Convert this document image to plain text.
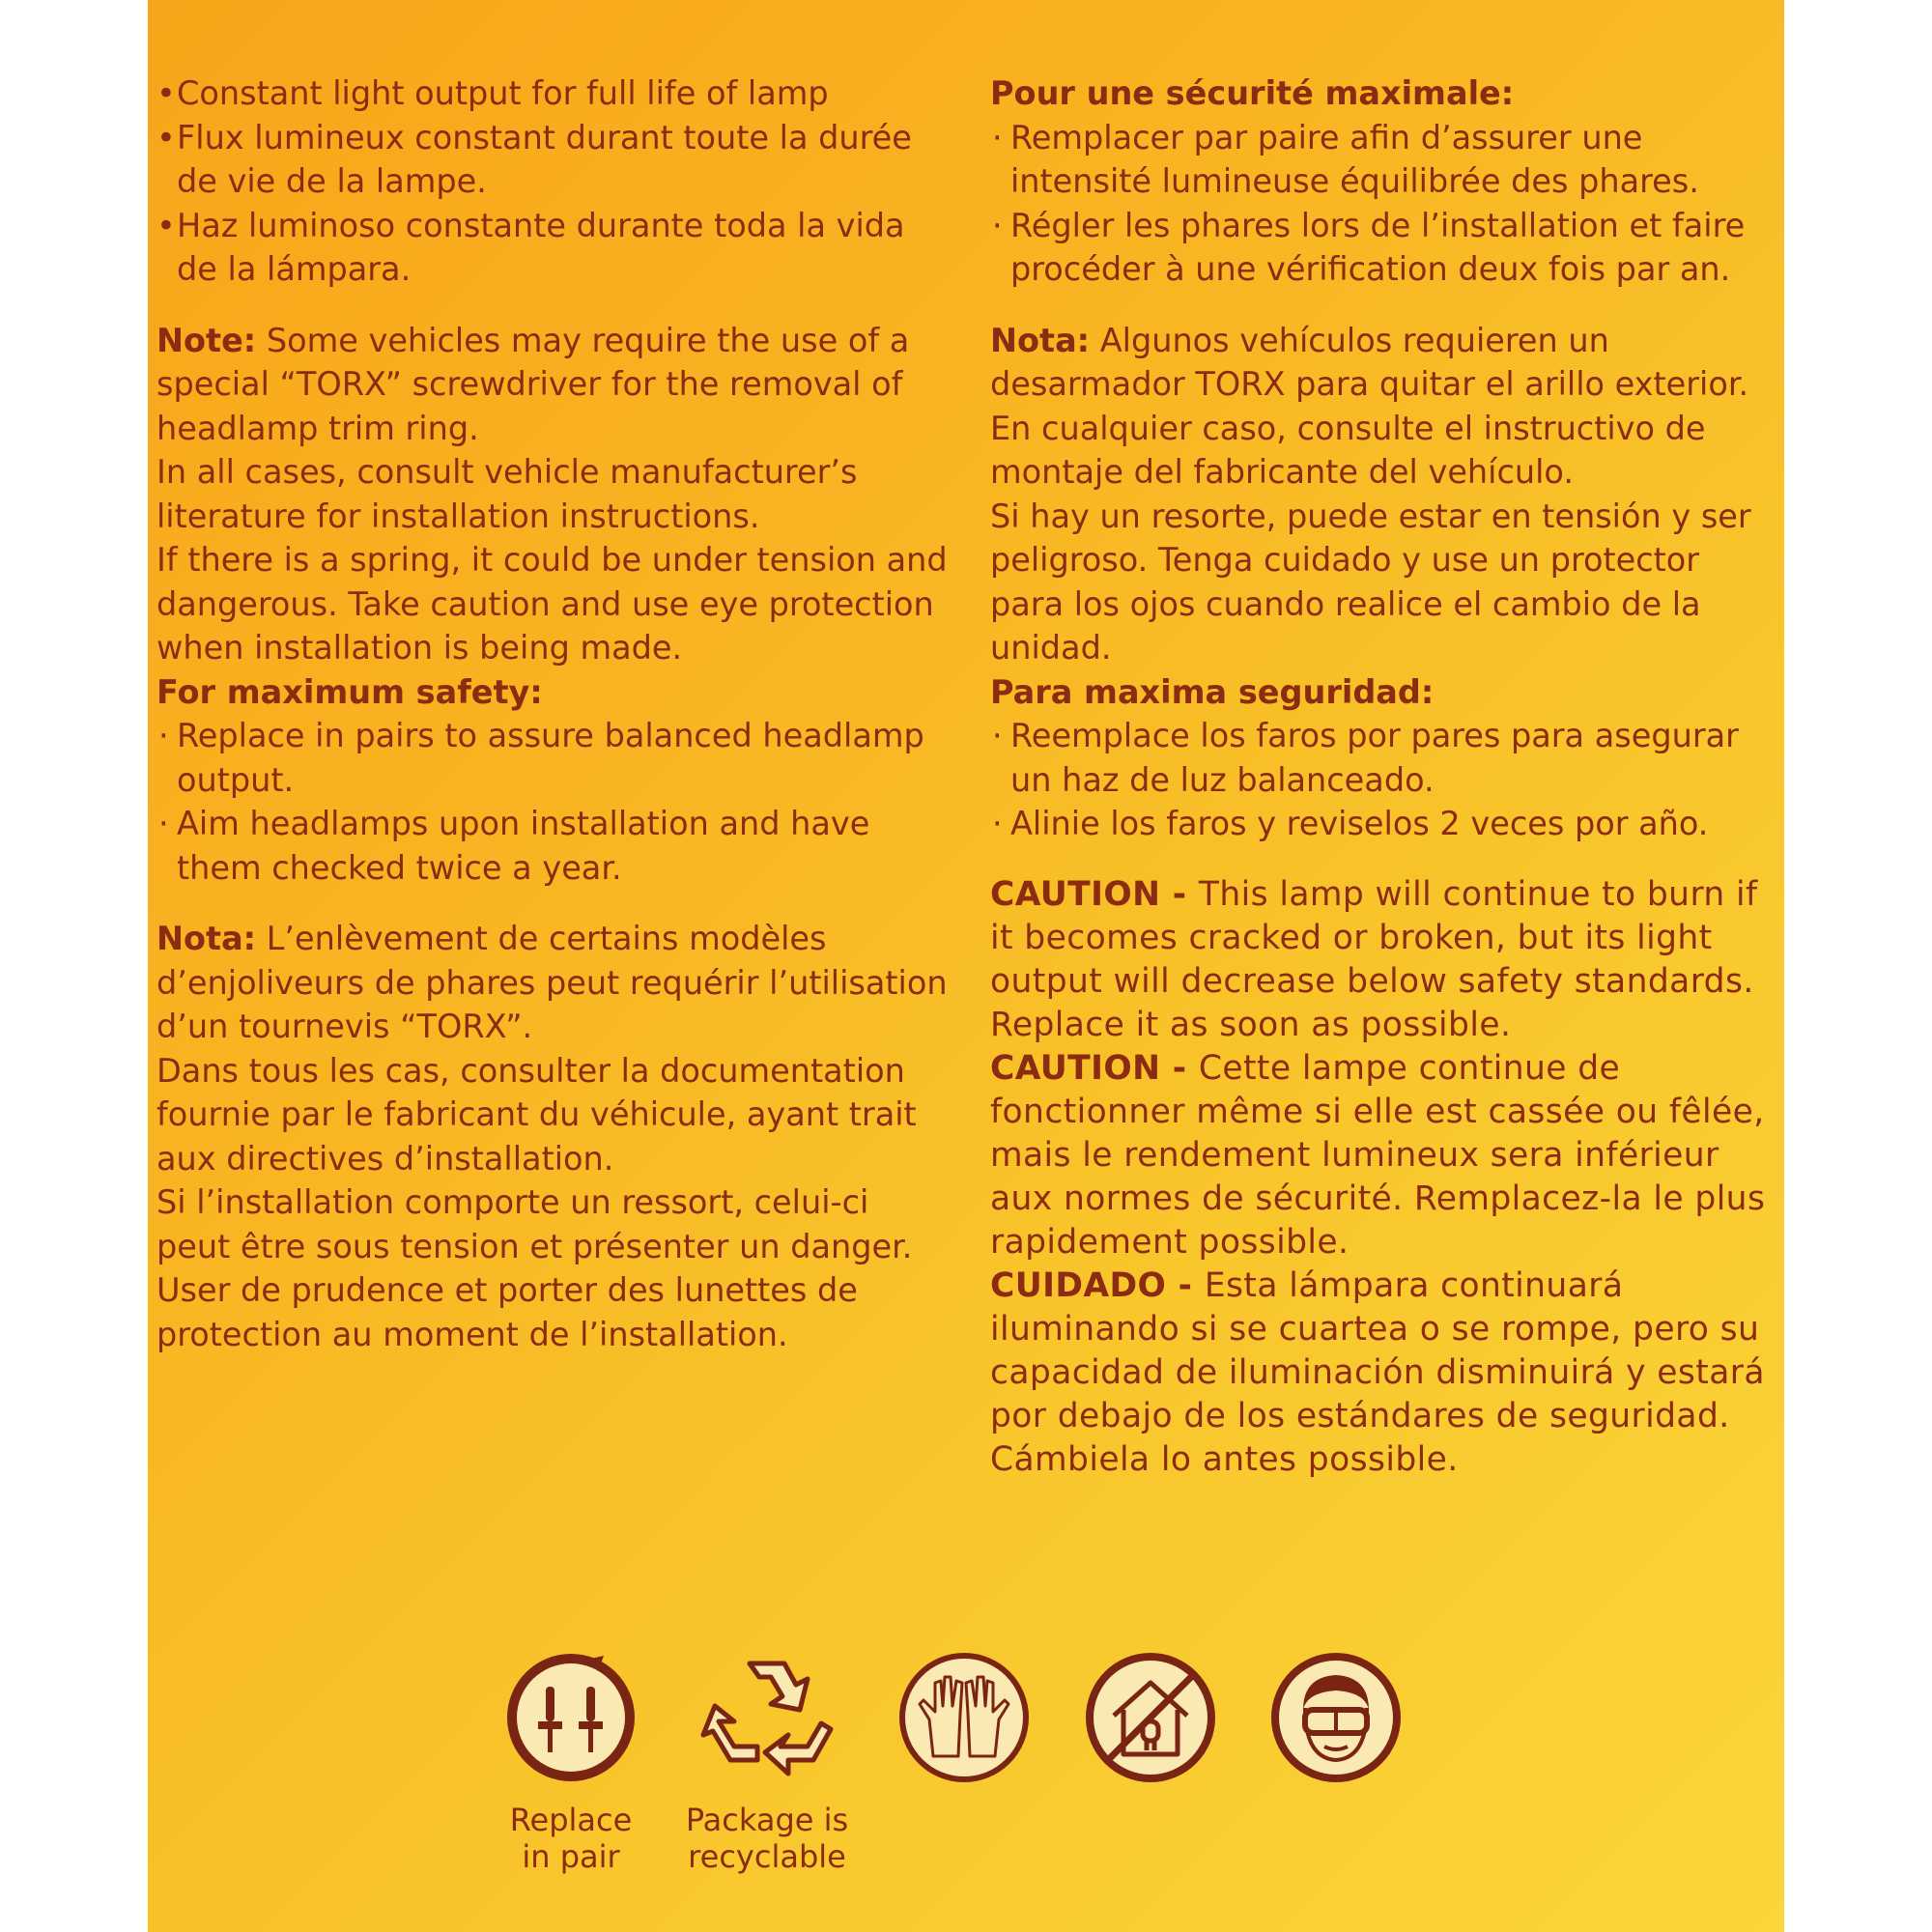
• Constant light output for full life of lamp
• Flux lumineux constant durant toute la durée de vie de la lampe.
• Haz luminoso constante durante toda la vida de la lámpara.
Note: Some vehicles may require the use of a special “TORX” screwdriver for the removal of headlamp trim ring.
In all cases, consult vehicle manufacturer’s literature for installation instructions.
If there is a spring, it could be under tension and dangerous. Take caution and use eye protection when installation is being made.
For maximum safety:
· Replace in pairs to assure balanced headlamp output.
· Aim headlamps upon installation and have them checked twice a year.
Nota: L’enlèvement de certains modèles d’enjoliveurs de phares peut requérir l’utilisation d’un tournevis “TORX”.
Dans tous les cas, consulter la documentation fournie par le fabricant du véhicule, ayant trait aux directives d’installation.
Si l’installation comporte un ressort, celui-ci peut être sous tension et présenter un danger. User de prudence et porter des lunettes de protection au moment de l’installation.
Pour une sécurité maximale:
· Remplacer par paire afin d’assurer une intensité lumineuse équilibrée des phares.
· Régler les phares lors de l’installation et faire procéder à une vérification deux fois par an.
Nota: Algunos vehículos requieren un desarmador TORX para quitar el arillo exterior.
En cualquier caso, consulte el instructivo de montaje del fabricante del vehículo.
Si hay un resorte, puede estar en tensión y ser peligroso. Tenga cuidado y use un protector para los ojos cuando realice el cambio de la unidad.
Para maxima seguridad:
· Reemplace los faros por pares para asegurar un haz de luz balanceado.
· Alinie los faros y reviselos 2 veces por año.
CAUTION - This lamp will continue to burn if it becomes cracked or broken, but its light output will decrease below safety standards. Replace it as soon as possible.
CAUTION - Cette lampe continue de fonctionner même si elle est cassée ou fêlée, mais le rendement lumineux sera inférieur aux normes de sécurité. Remplacez-la le plus rapidement possible.
CUIDADO - Esta lámpara continuará iluminando si se cuartea o se rompe, pero su capacidad de iluminación disminuirá y estará por debajo de los estándares de seguridad. Cámbiela lo antes possible.
Replace
in pair
Package is
recyclable
